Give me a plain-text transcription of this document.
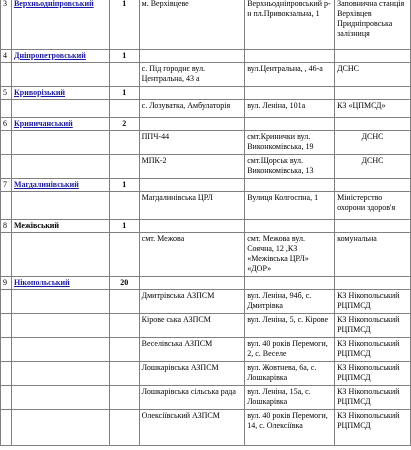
3	Верхньодніпровський	1	м. Верхівцеве	Верхньодніпровський р-н пл.Привокзальна, 1	Заповнична станція Верхівцев Придніпровська залізниця
4	Дніпропетровський	1			
			с. Під городнє вул. Центральна, 43 а	вул.Центральна, , 46-а	ДСНС
5	Криворізький	1			
			с. Лозуватка, Амбулаторія	вул. Леніна, 101а	КЗ «ЦПМСД»
6	Криничанський	2			
			ППЧ-44	смт.Кринички вул. Виконкомівська, 19	ДСНС
			МПК-2	смт.Щорськ вул. Виконкомівська, 13	ДСНС
7	Магдалинівський	1			
			Магдалинівська ЦРЛ	Вулиця Колгоспна, 1	Міністерство охорони здоров'я
8	Межівський	1			
			смт. Межова	смт. Межова вул. Соячна, 12 ,КЗ «Межівська ЦРЛ» «ДОР»	комунальна
9	Нікопольський	20			
			Дмитрівська АЗПСМ	вул. Леніна, 94б, с. Дмитрівка	КЗ Нікопольський РЦПМСД
			Кірове ська АЗПСМ	вул. Леніна, 5, с. Кірове	КЗ Нікопольський РЦПМСД
			Веселівська АЗПСМ	вул. 40 років Перемоги, 2, с. Веселе	КЗ Нікопольський РЦПМСД
			Лошкарівська АЗПСМ	вул. Жовтнева, 6а, с. Лошкарівка	КЗ Нікопольський РЦПМСД
			Лошкарівська сільська рада	вул. Леніна, 15а, с. Лошкарівка	КЗ Нікопольський РЦПМСД
			Олексіївський АЗПСМ	вул. 40 років Перемоги, 14, с. Олексіївка	КЗ Нікопольський РЦПМСД
